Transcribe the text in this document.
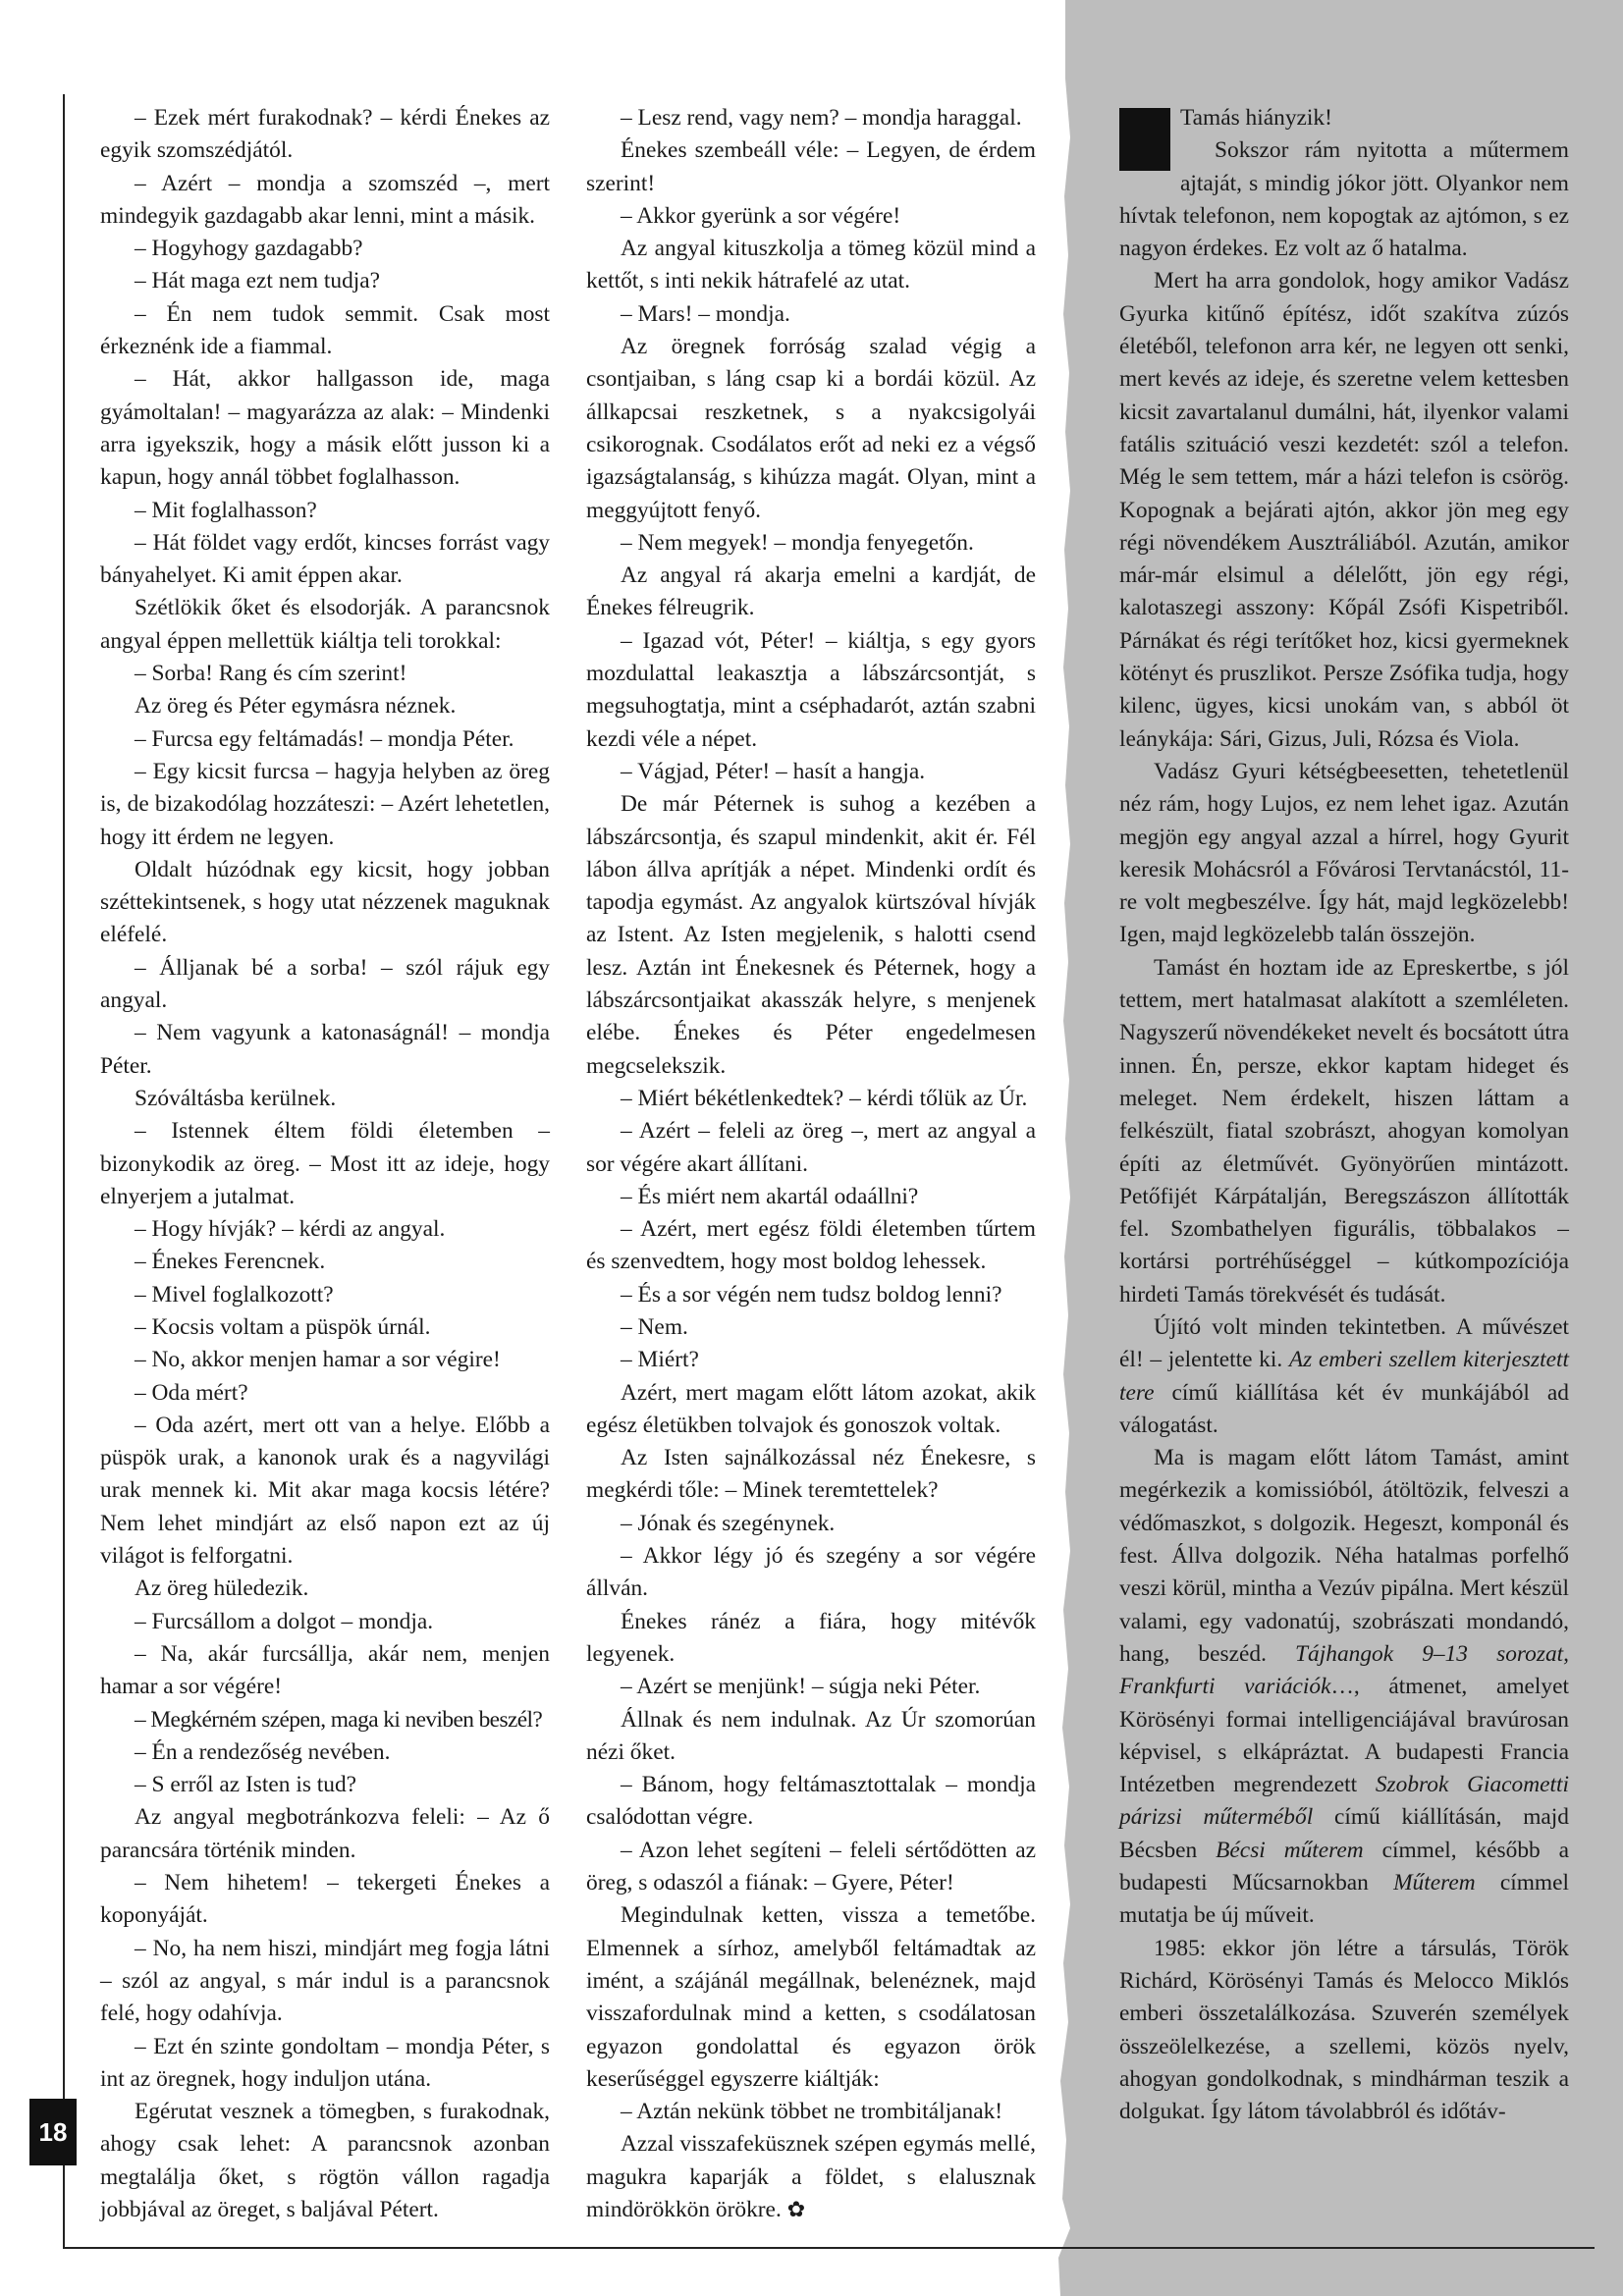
18

– Ezek mért furakodnak? – kérdi Énekes az egyik szomszédjától.

– Azért – mondja a szomszéd –, mert mindegyik gazdagabb akar lenni, mint a másik.

– Hogyhogy gazdagabb?

– Hát maga ezt nem tudja?

– Én nem tudok semmit. Csak most érkeznénk ide a fiammal.

– Hát, akkor hallgasson ide, maga gyámoltalan! – magyarázza az alak: – Mindenki arra igyekszik, hogy a másik előtt jusson ki a kapun, hogy annál többet foglalhasson.

– Mit foglalhasson?

– Hát földet vagy erdőt, kincses forrást vagy bányahelyet. Ki amit éppen akar.

Szétlökik őket és elsodorják. A parancsnok angyal éppen mellettük kiáltja teli torokkal:

– Sorba! Rang és cím szerint!

Az öreg és Péter egymásra néznek.

– Furcsa egy feltámadás! – mondja Péter.

– Egy kicsit furcsa – hagyja helyben az öreg is, de bizakodólag hozzáteszi: – Azért lehetetlen, hogy itt érdem ne legyen.

Oldalt húzódnak egy kicsit, hogy jobban széttekintsenek, s hogy utat nézzenek maguknak eléfelé.

– Álljanak bé a sorba! – szól rájuk egy angyal.

– Nem vagyunk a katonaságnál! – mondja Péter.

Szóváltásba kerülnek.

– Istennek éltem földi életemben – bizonykodik az öreg. – Most itt az ideje, hogy elnyerjem a jutalmat.

– Hogy hívják? – kérdi az angyal.

– Énekes Ferencnek.

– Mivel foglalkozott?

– Kocsis voltam a püspök úrnál.

– No, akkor menjen hamar a sor végire!

– Oda mért?

– Oda azért, mert ott van a helye. Előbb a püspök urak, a kanonok urak és a nagyvilági urak mennek ki. Mit akar maga kocsis létére? Nem lehet mindjárt az első napon ezt az új világot is felforgatni.

Az öreg hüledezik.

– Furcsállom a dolgot – mondja.

– Na, akár furcsállja, akár nem, menjen hamar a sor végére!

– Megkérném szépen, maga ki neviben beszél?

– Én a rendezőség nevében.

– S erről az Isten is tud?

Az angyal megbotránkozva feleli: – Az ő parancsára történik minden.

– Nem hihetem! – tekergeti Énekes a koponyáját.

– No, ha nem hiszi, mindjárt meg fogja látni – szól az angyal, s már indul is a parancsnok felé, hogy odahívja.

– Ezt én szinte gondoltam – mondja Péter, s int az öregnek, hogy induljon utána.

Egérutat vesznek a tömegben, s furakodnak, ahogy csak lehet: A parancsnok azonban megtalálja őket, s rögtön vállon ragadja jobbjával az öreget, s baljával Pétert.

– Lesz rend, vagy nem? – mondja haraggal.

Énekes szembeáll véle: – Legyen, de érdem szerint!

– Akkor gyerünk a sor végére!

Az angyal kituszkolja a tömeg közül mind a kettőt, s inti nekik hátrafelé az utat.

– Mars! – mondja.

Az öregnek forróság szalad végig a csontjaiban, s láng csap ki a bordái közül. Az állkapcsai reszketnek, s a nyakcsigolyái csikorognak. Csodálatos erőt ad neki ez a végső igazságtalanság, s kihúzza magát. Olyan, mint a meggyújtott fenyő.

– Nem megyek! – mondja fenyegetőn.

Az angyal rá akarja emelni a kardját, de Énekes félreugrik.

– Igazad vót, Péter! – kiáltja, s egy gyors mozdulattal leakasztja a lábszárcsontját, s megsuhogtatja, mint a cséphadarót, aztán szabni kezdi véle a népet.

– Vágjad, Péter! – hasít a hangja.

De már Péternek is suhog a kezében a lábszárcsontja, és szapul mindenkit, akit ér. Fél lábon állva aprítják a népet. Mindenki ordít és tapodja egymást. Az angyalok kürtszóval hívják az Istent. Az Isten megjelenik, s halotti csend lesz. Aztán int Énekesnek és Péternek, hogy a lábszárcsontjaikat akasszák helyre, s menjenek elébe. Énekes és Péter engedelmesen megcselekszik.

– Miért békétlenkedtek? – kérdi tőlük az Úr.

– Azért – feleli az öreg –, mert az angyal a sor végére akart állítani.

– És miért nem akartál odaállni?

– Azért, mert egész földi életemben tűrtem és szenvedtem, hogy most boldog lehessek.

– És a sor végén nem tudsz boldog lenni?

– Nem.

– Miért?

Azért, mert magam előtt látom azokat, akik egész életükben tolvajok és gonoszok voltak.

Az Isten sajnálkozással néz Énekesre, s megkérdi tőle: – Minek teremtettelek?

– Jónak és szegénynek.

– Akkor légy jó és szegény a sor végére állván.

Énekes ránéz a fiára, hogy mitévők legyenek.

– Azért se menjünk! – súgja neki Péter.

Állnak és nem indulnak. Az Úr szomorúan nézi őket.

– Bánom, hogy feltámasztottalak – mondja csalódottan végre.

– Azon lehet segíteni – feleli sértődötten az öreg, s odaszól a fiának: – Gyere, Péter!

Megindulnak ketten, vissza a temetőbe. Elmennek a sírhoz, amelyből feltámadtak az imént, a szájánál megállnak, belenéznek, majd visszafordulnak mind a ketten, s csodálatosan egyazon gondolattal és egyazon örök keserűséggel egyszerre kiáltják:

– Aztán nekünk többet ne trombitáljanak!

Azzal visszafeküsznek szépen egymás mellé, magukra kaparják a földet, s elalusznak mindörökkön örökre. ✿

Tamás hiányzik!

Sokszor rám nyitotta a műtermem ajtaját, s mindig jókor jött. Olyankor nem hívtak telefonon, nem kopogtak az ajtómon, s ez nagyon érdekes. Ez volt az ő hatalma.

Mert ha arra gondolok, hogy amikor Vadász Gyurka kitűnő építész, időt szakítva zúzós életéből, telefonon arra kér, ne legyen ott senki, mert kevés az ideje, és szeretne velem kettesben kicsit zavartalanul dumálni, hát, ilyenkor valami fatális szituáció veszi kezdetét: szól a telefon. Még le sem tettem, már a házi telefon is csörög. Kopognak a bejárati ajtón, akkor jön meg egy régi növendékem Ausztráliából. Azután, amikor már-már elsimul a délelőtt, jön egy régi, kalotaszegi asszony: Kőpál Zsófi Kispetriből. Párnákat és régi terítőket hoz, kicsi gyermeknek kötényt és pruszlikot. Persze Zsófika tudja, hogy kilenc, ügyes, kicsi unokám van, s abból öt leánykája: Sári, Gizus, Juli, Rózsa és Viola.

Vadász Gyuri kétségbeesetten, tehetetlenül néz rám, hogy Lujos, ez nem lehet igaz. Azután megjön egy angyal azzal a hírrel, hogy Gyurit keresik Mohácsról a Fővárosi Tervtanácstól, 11-re volt megbeszélve. Így hát, majd legközelebb! Igen, majd legközelebb talán összejön.

Tamást én hoztam ide az Epreskertbe, s jól tettem, mert hatalmasat alakított a szemléleten. Nagyszerű növendékeket nevelt és bocsátott útra innen. Én, persze, ekkor kaptam hideget és meleget. Nem érdekelt, hiszen láttam a felkészült, fiatal szobrászt, ahogyan komolyan építi az életművét. Gyönyörűen mintázott. Petőfijét Kárpátalján, Beregszászon állították fel. Szombathelyen figurális, többalakos – kortársi portréhűséggel – kútkompozíciója hirdeti Tamás törekvését és tudását.

Újító volt minden tekintetben. A művészet él! – jelentette ki. Az emberi szellem kiterjesztett tere című kiállítása két év munkájából ad válogatást.

Ma is magam előtt látom Tamást, amint megérkezik a komissióból, átöltözik, felveszi a védőmaszkot, s dolgozik. Hegeszt, komponál és fest. Állva dolgozik. Néha hatalmas porfelhő veszi körül, mintha a Vezúv pipálna. Mert készül valami, egy vadonatúj, szobrászati mondandó, hang, beszéd. Tájhangok 9–13 sorozat, Frankfurti variációk…, átmenet, amelyet Körösényi formai intelligenciájával bravúrosan képvisel, s elkápráztat. A budapesti Francia Intézetben megrendezett Szobrok Giacometti párizsi műterméből című kiállításán, majd Bécsben Bécsi műterem címmel, később a budapesti Műcsarnokban Műterem címmel mutatja be új műveit.

1985: ekkor jön létre a társulás, Török Richárd, Körösényi Tamás és Melocco Miklós emberi összetalálkozása. Szuverén személyek összeölelkezése, a szellemi, közös nyelv, ahogyan gondolkodnak, s mindhárman teszik a dolgukat. Így látom távolabbról és időtáv-
